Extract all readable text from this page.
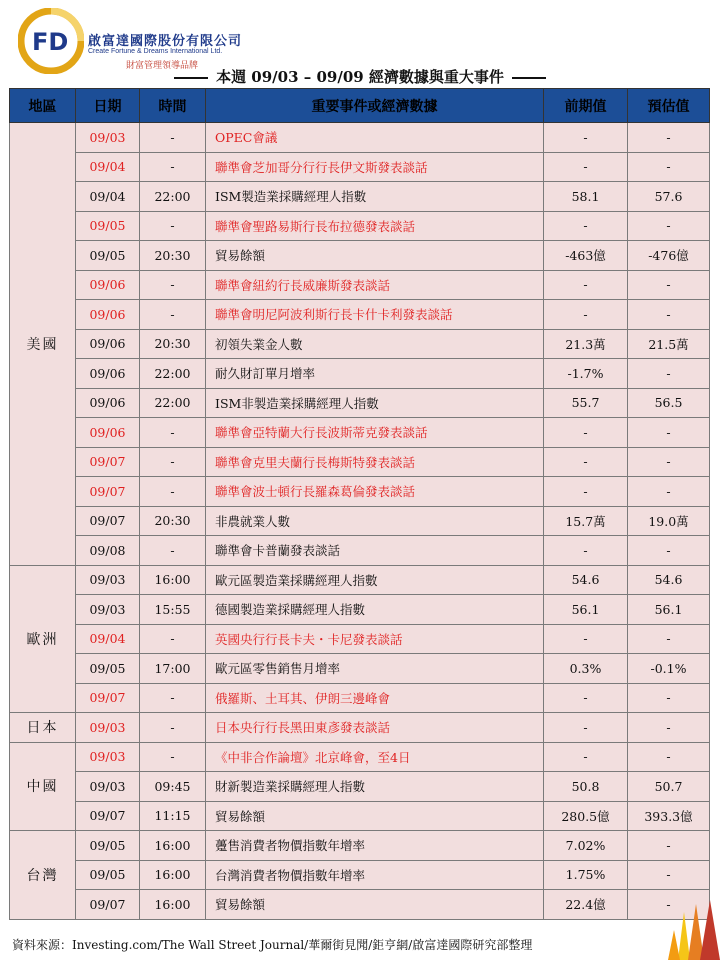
FD 啟富達國際股份有限公司
Create Fortune & Dreams International Ltd.
財富管理領導品牌
本週 09/03 – 09/09 經濟數據與重大事件
地區	日期	時間	重要事件或經濟數據	前期值	預估值
美國	09/03	-	OPEC會議	-	-
	09/04	-	聯準會芝加哥分行行長伊文斯發表談話	-	-
	09/04	22:00	ISM製造業採購經理人指數	58.1	57.6
	09/05	-	聯準會聖路易斯行長布拉德發表談話	-	-
	09/05	20:30	貿易餘額	-463億	-476億
	09/06	-	聯準會紐約行長威廉斯發表談話	-	-
	09/06	-	聯準會明尼阿波利斯行長卡什卡利發表談話	-	-
	09/06	20:30	初領失業金人數	21.3萬	21.5萬
	09/06	22:00	耐久財訂單月增率	-1.7%	-
	09/06	22:00	ISM非製造業採購經理人指數	55.7	56.5
	09/06	-	聯準會亞特蘭大行長波斯蒂克發表談話	-	-
	09/07	-	聯準會克里夫蘭行長梅斯特發表談話	-	-
	09/07	-	聯準會波士頓行長羅森葛倫發表談話	-	-
	09/07	20:30	非農就業人數	15.7萬	19.0萬
	09/08	-	聯準會卡普蘭發表談話	-	-
歐洲	09/03	16:00	歐元區製造業採購經理人指數	54.6	54.6
	09/03	15:55	德國製造業採購經理人指數	56.1	56.1
	09/04	-	英國央行行長卡夫・卡尼發表談話	-	-
	09/05	17:00	歐元區零售銷售月增率	0.3%	-0.1%
	09/07	-	俄羅斯、土耳其、伊朗三邊峰會	-	-
日本	09/03	-	日本央行行長黑田東彥發表談話	-	-
中國	09/03	-	《中非合作論壇》北京峰會，至4日	-	-
	09/03	09:45	財新製造業採購經理人指數	50.8	50.7
	09/07	11:15	貿易餘額	280.5億	393.3億
台灣	09/05	16:00	躉售消費者物價指數年增率	7.02%	-
	09/05	16:00	台灣消費者物價指數年增率	1.75%	-
	09/07	16:00	貿易餘額	22.4億	-
資料來源：Investing.com/The Wall Street Journal/華爾街見聞/鉅亨網/啟富達國際研究部整理
